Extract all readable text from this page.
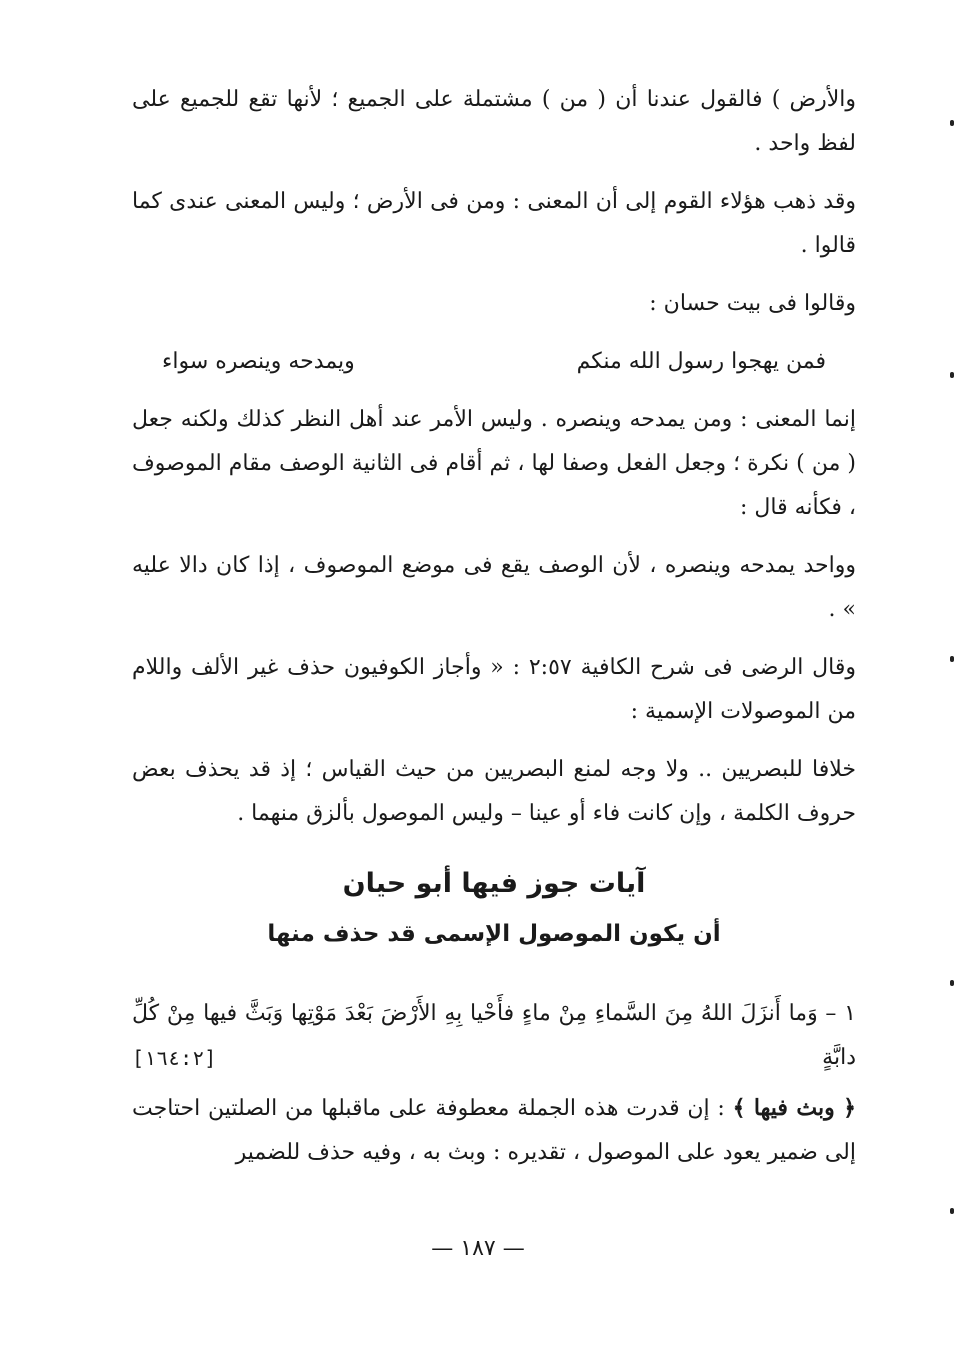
والأرض ) فالقول عندنا أن ( من ) مشتملة على الجميع ؛ لأنها تقع للجميع على لفظ واحد .

وقد ذهب هؤلاء القوم إلى أن المعنى : ومن فى الأرض ؛ وليس المعنى عندى كما قالوا .

وقالوا فى بيت حسان :

فمن يهجوا رسول الله منكم
ويمدحه وينصره سواء

إنما المعنى : ومن يمدحه وينصره . وليس الأمر عند أهل النظر كذلك ولكنه جعل ( من ) نكرة ؛ وجعل الفعل وصفا لها ، ثم أقام فى الثانية الوصف مقام الموصوف ، فكأنه قال :

وواحد يمدحه وينصره ، لأن الوصف يقع فى موضع الموصوف ، إذا كان دالا عليه » .

وقال الرضى فى شرح الكافية ٢:٥٧ : « وأجاز الكوفيون حذف غير الألف واللام من الموصولات الإسمية :

خلافا للبصريين .. ولا وجه لمنع البصريين من حيث القياس ؛ إذ قد يحذف بعض حروف الكلمة ، وإن كانت فاء أو عينا – وليس الموصول بألزق منهما .

آيات جوز فيها أبو حيان
أن يكون الموصول الإسمى قد حذف منها
١ – وَما أَنزَلَ اللهُ مِنَ السَّماءِ مِنْ ماءٍ فأَحْيا بِهِ الأَرْضَ بَعْدَ مَوْتِها وَبَثَّ فيها مِنْ كُلِّ دابَّةٍ
[١٦٤:٢]

﴿ وبث فيها ﴾ : إن قدرت هذه الجملة معطوفة على ماقبلها من الصلتين احتاجت إلى ضمير يعود على الموصول ، تقديره : وبث به ، وفيه حذف للضمير

— ١٨٧ —
